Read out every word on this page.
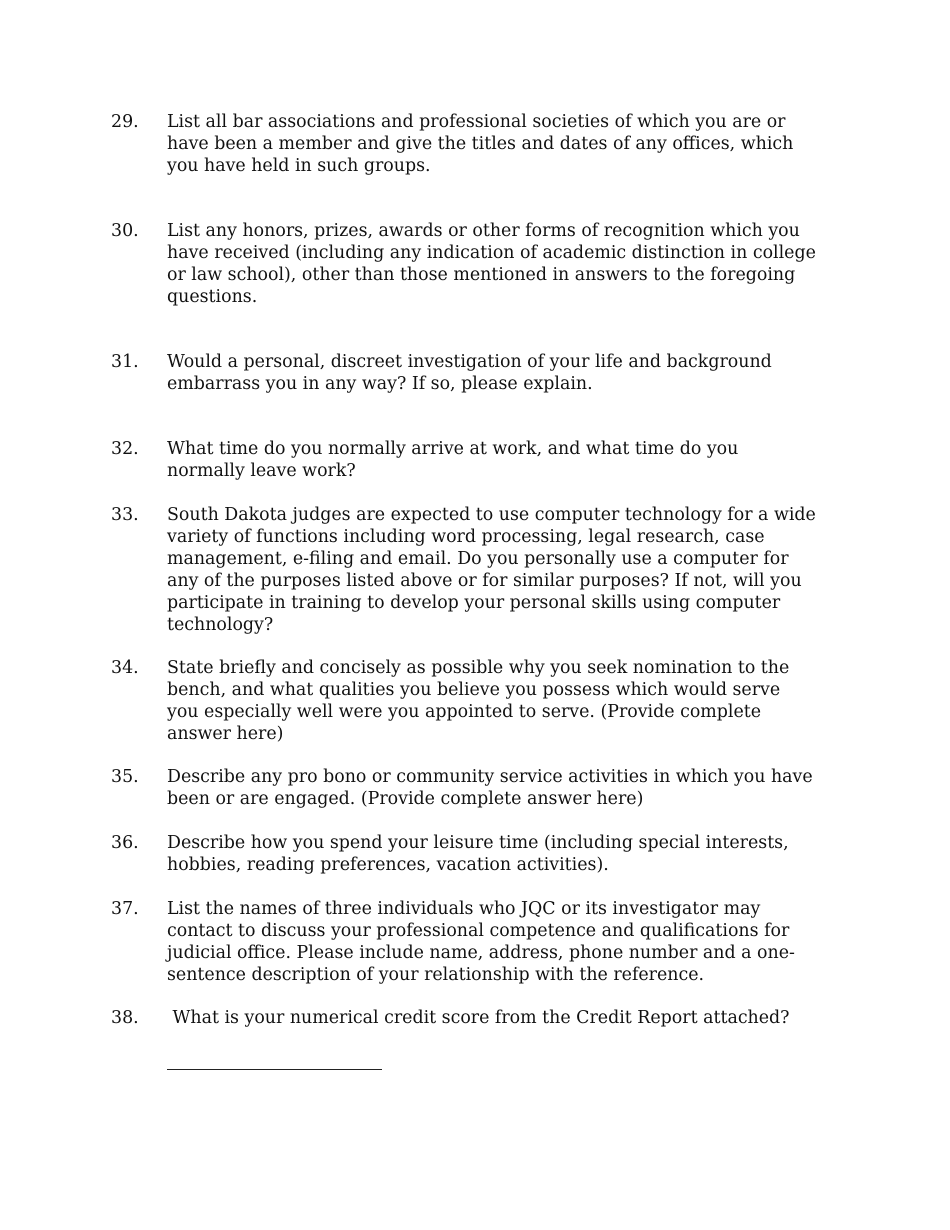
29.	List all bar associations and professional societies of which you are or
have been a member and give the titles and dates of any offices, which
you have held in such groups.
30.	List any honors, prizes, awards or other forms of recognition which you
have received (including any indication of academic distinction in college
or law school), other than those mentioned in answers to the foregoing
questions.
31.	Would a personal, discreet investigation of your life and background
embarrass you in any way? If so, please explain.
32.	What time do you normally arrive at work, and what time do you
normally leave work?
33.	South Dakota judges are expected to use computer technology for a wide
variety of functions including word processing, legal research, case
management, e-filing and email. Do you personally use a computer for
any of the purposes listed above or for similar purposes? If not, will you
participate in training to develop your personal skills using computer
technology?
34.	State briefly and concisely as possible why you seek nomination to the
bench, and what qualities you believe you possess which would serve
you especially well were you appointed to serve. (Provide complete
answer here)
35.	Describe any pro bono or community service activities in which you have
been or are engaged. (Provide complete answer here)
36.	Describe how you spend your leisure time (including special interests,
hobbies, reading preferences, vacation activities).
37.	List the names of three individuals who JQC or its investigator may
contact to discuss your professional competence and qualifications for
judicial office. Please include name, address, phone number and a one-
sentence description of your relationship with the reference.
38.	What is your numerical credit score from the Credit Report attached?
